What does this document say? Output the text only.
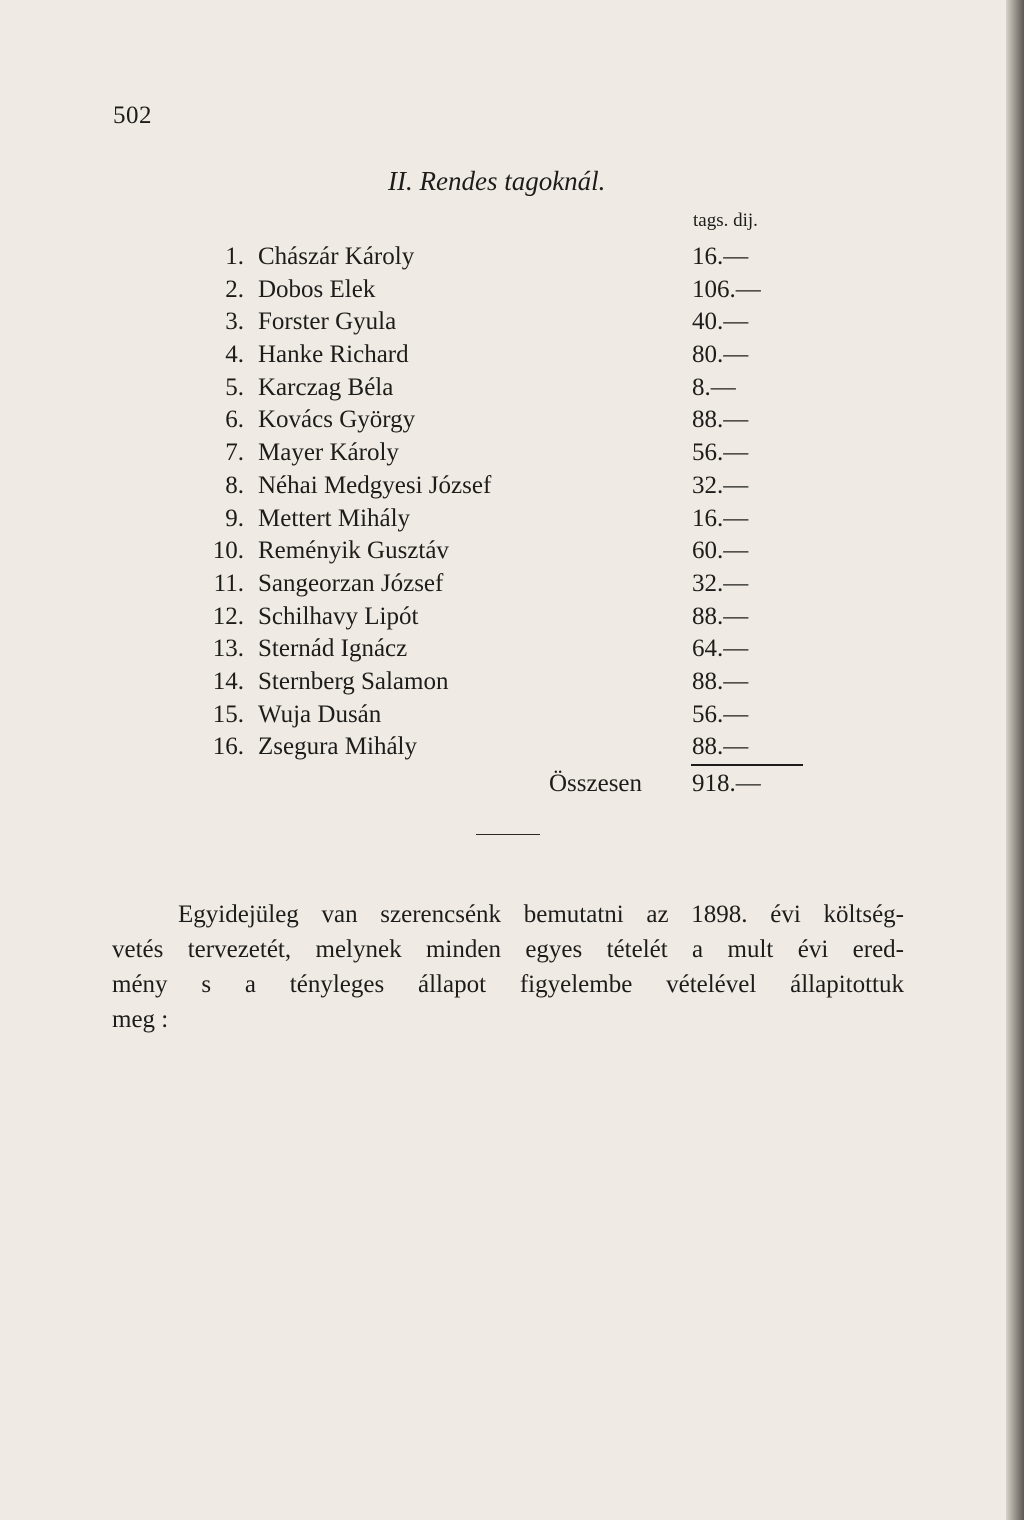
502
II. Rendes tagoknál.
tags. dij.
1. Chászár Károly	16.—
2. Dobos Elek	106.—
3. Forster Gyula	40.—
4. Hanke Richard	80.—
5. Karczag Béla	8.—
6. Kovács György	88.—
7. Mayer Károly	56.—
8. Néhai Medgyesi József	32.—
9. Mettert Mihály	16.—
10. Reményik Gusztáv	60.—
11. Sangeorzan József	32.—
12. Schilhavy Lipót	88.—
13. Sternád Ignácz	64.—
14. Sternberg Salamon	88.—
15. Wuja Dusán	56.—
16. Zsegura Mihály	88.—
Összesen 918.—

Egyidejüleg van szerencsénk bemutatni az 1898. évi költség-
vetés tervezetét, melynek minden egyes tételét a mult évi ered-
mény s a tényleges állapot figyelembe vételével állapitottuk
meg :
